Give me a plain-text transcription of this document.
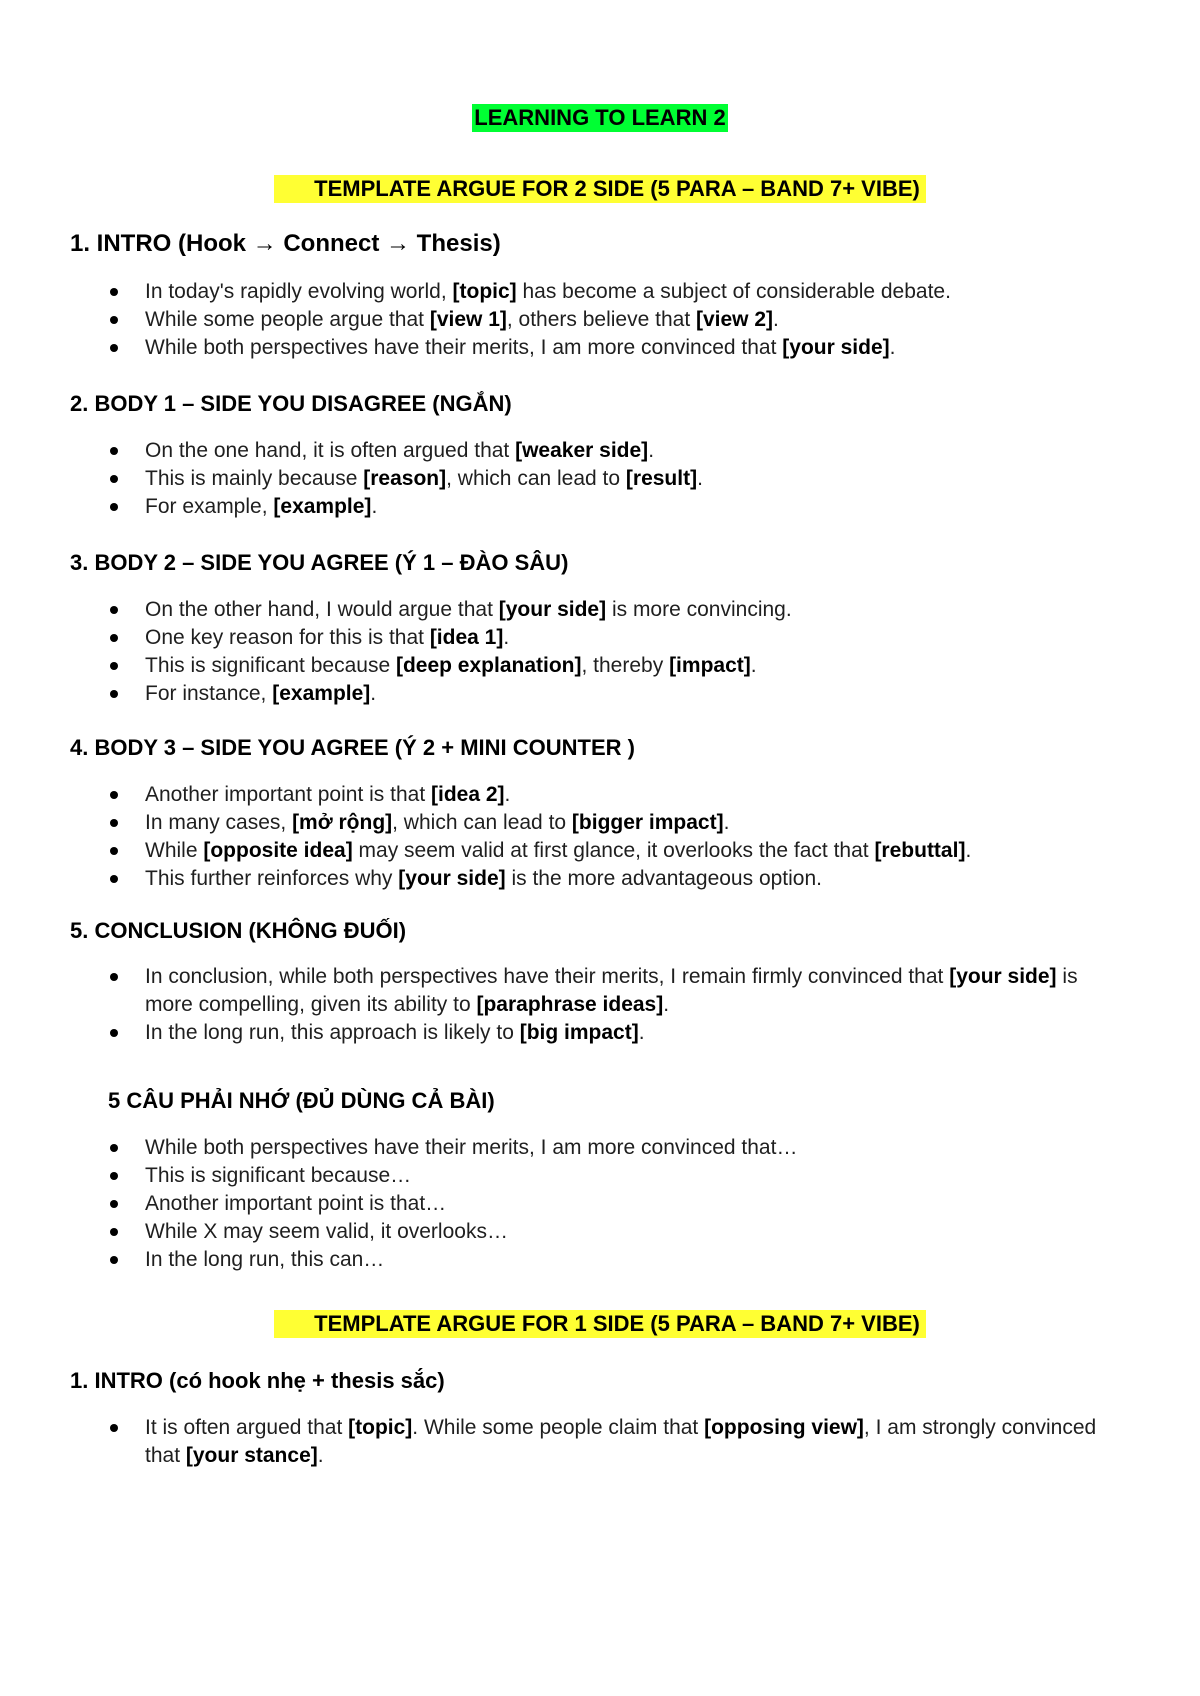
LEARNING TO LEARN 2
TEMPLATE ARGUE FOR 2 SIDE (5 PARA – BAND 7+ VIBE)
1. INTRO (Hook → Connect → Thesis)
In today's rapidly evolving world, [topic] has become a subject of considerable debate.
While some people argue that [view 1], others believe that [view 2].
While both perspectives have their merits, I am more convinced that [your side].
2. BODY 1 – SIDE YOU DISAGREE (NGẮN)
On the one hand, it is often argued that [weaker side].
This is mainly because [reason], which can lead to [result].
For example, [example].
3. BODY 2 – SIDE YOU AGREE (Ý 1 – ĐÀO SÂU)
On the other hand, I would argue that [your side] is more convincing.
One key reason for this is that [idea 1].
This is significant because [deep explanation], thereby [impact].
For instance, [example].
4. BODY 3 – SIDE YOU AGREE (Ý 2 + MINI COUNTER )
Another important point is that [idea 2].
In many cases, [mở rộng], which can lead to [bigger impact].
While [opposite idea] may seem valid at first glance, it overlooks the fact that [rebuttal].
This further reinforces why [your side] is the more advantageous option.
5. CONCLUSION (KHÔNG ĐUỐI)
In conclusion, while both perspectives have their merits, I remain firmly convinced that [your side] is more compelling, given its ability to [paraphrase ideas].
In the long run, this approach is likely to [big impact].
5 CÂU PHẢI NHỚ (ĐỦ DÙNG CẢ BÀI)
While both perspectives have their merits, I am more convinced that…
This is significant because…
Another important point is that…
While X may seem valid, it overlooks…
In the long run, this can…
TEMPLATE ARGUE FOR 1 SIDE (5 PARA – BAND 7+ VIBE)
1. INTRO (có hook nhẹ + thesis sắc)
It is often argued that [topic]. While some people claim that [opposing view], I am strongly convinced that [your stance].
